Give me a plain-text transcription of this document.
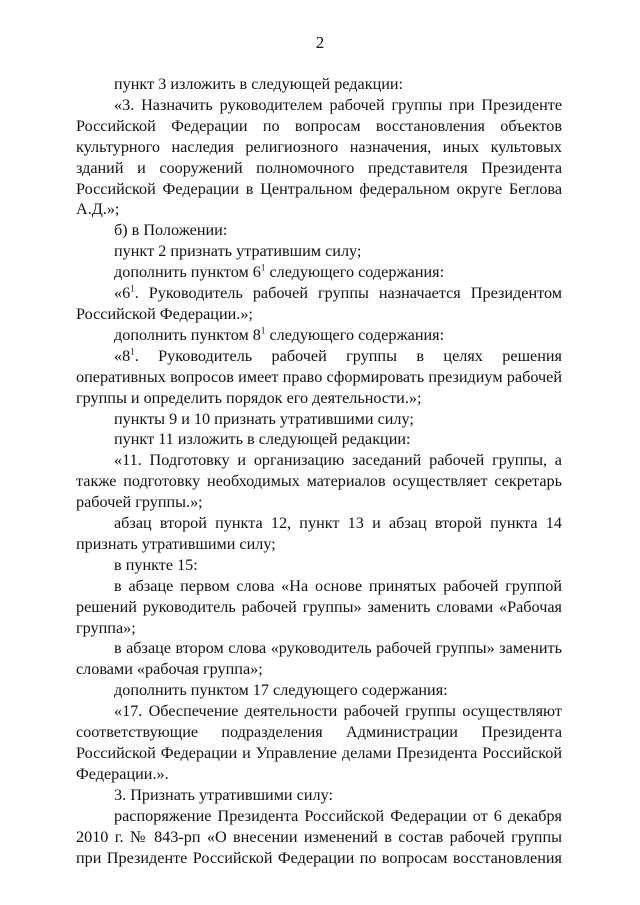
2

пункт 3 изложить в следующей редакции:

«3. Назначить руководителем рабочей группы при Президенте Российской Федерации по вопросам восстановления объектов культурного наследия религиозного назначения, иных культовых зданий и сооружений полномочного представителя Президента Российской Федерации в Центральном федеральном округе Беглова А.Д.»;

б) в Положении:

пункт 2 признать утратившим силу;

дополнить пунктом $6^1$ следующего содержания:

«$6^1$. Руководитель рабочей группы назначается Президентом Российской Федерации.»;

дополнить пунктом $8^1$ следующего содержания:

«$8^1$. Руководитель рабочей группы в целях решения оперативных вопросов имеет право сформировать президиум рабочей группы и определить порядок его деятельности.»;

пункты 9 и 10 признать утратившими силу;

пункт 11 изложить в следующей редакции:

«11. Подготовку и организацию заседаний рабочей группы, а также подготовку необходимых материалов осуществляет секретарь рабочей группы.»;

абзац второй пункта 12, пункт 13 и абзац второй пункта 14 признать утратившими силу;

в пункте 15:

в абзаце первом слова «На основе принятых рабочей группой решений руководитель рабочей группы» заменить словами «Рабочая группа»;

в абзаце втором слова «руководитель рабочей группы» заменить словами «рабочая группа»;

дополнить пунктом 17 следующего содержания:

«17. Обеспечение деятельности рабочей группы осуществляют соответствующие подразделения Администрации Президента Российской Федерации и Управление делами Президента Российской Федерации.».

3. Признать утратившими силу:

распоряжение Президента Российской Федерации от 6 декабря 2010 г. № 843-рп «О внесении изменений в состав рабочей группы при Президенте Российской Федерации по вопросам восстановления
